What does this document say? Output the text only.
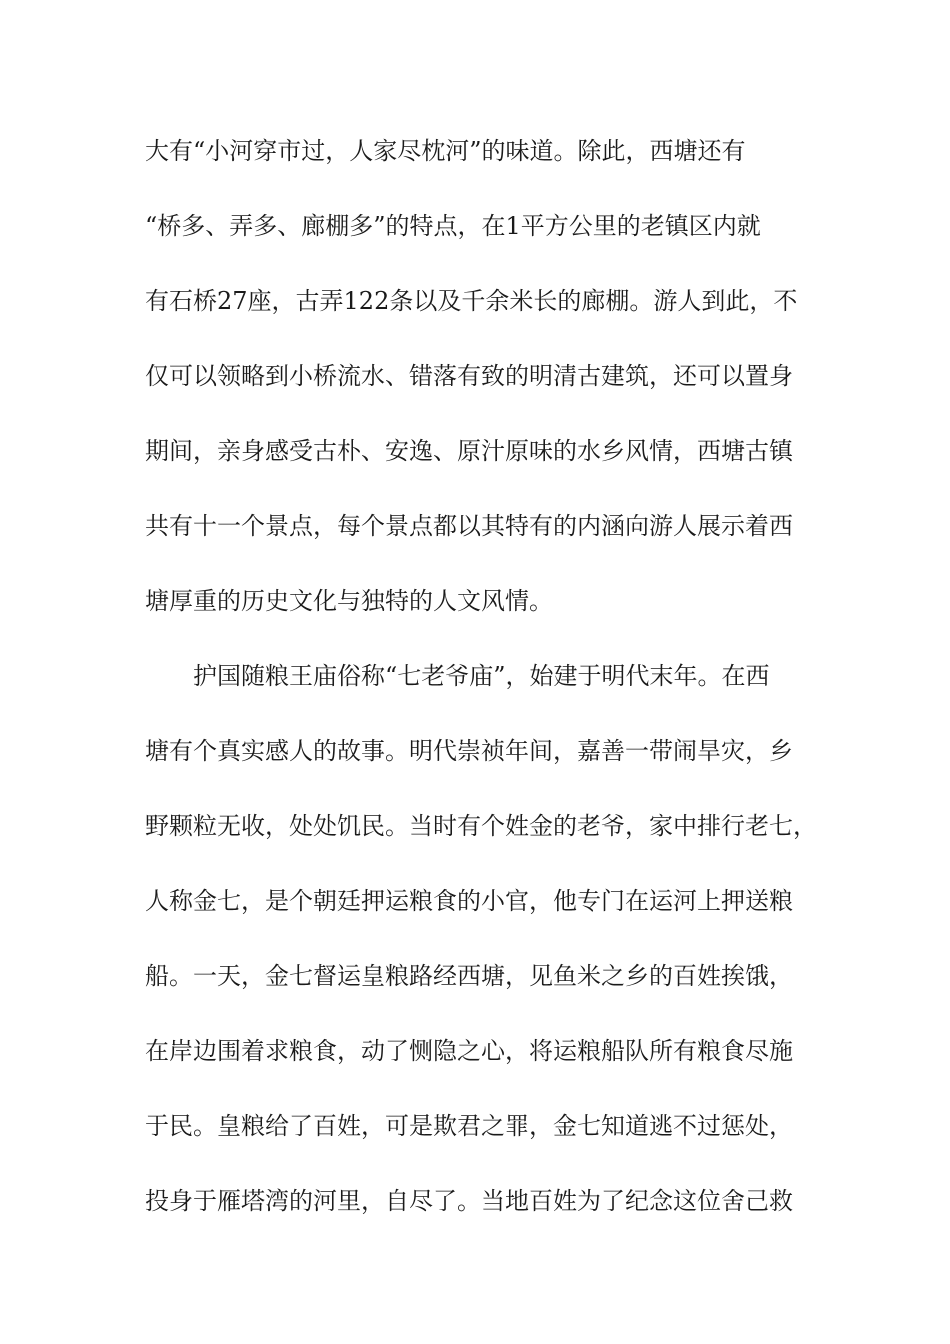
大有“小河穿市过，人家尽枕河”的味道。除此，西塘还有
“桥多、弄多、廊棚多”的特点，在1平方公里的老镇区内就
有石桥27座，古弄122条以及千余米长的廊棚。游人到此，不
仅可以领略到小桥流水、错落有致的明清古建筑，还可以置身
期间，亲身感受古朴、安逸、原汁原味的水乡风情，西塘古镇
共有十一个景点，每个景点都以其特有的内涵向游人展示着西
塘厚重的历史文化与独特的人文风情。
　　护国随粮王庙俗称“七老爷庙”，始建于明代末年。在西
塘有个真实感人的故事。明代崇祯年间，嘉善一带闹旱灾，乡
野颗粒无收，处处饥民。当时有个姓金的老爷，家中排行老七，
人称金七，是个朝廷押运粮食的小官，他专门在运河上押送粮
船。一天，金七督运皇粮路经西塘，见鱼米之乡的百姓挨饿，
在岸边围着求粮食，动了恻隐之心，将运粮船队所有粮食尽施
于民。皇粮给了百姓，可是欺君之罪，金七知道逃不过惩处，
投身于雁塔湾的河里，自尽了。当地百姓为了纪念这位舍己救
